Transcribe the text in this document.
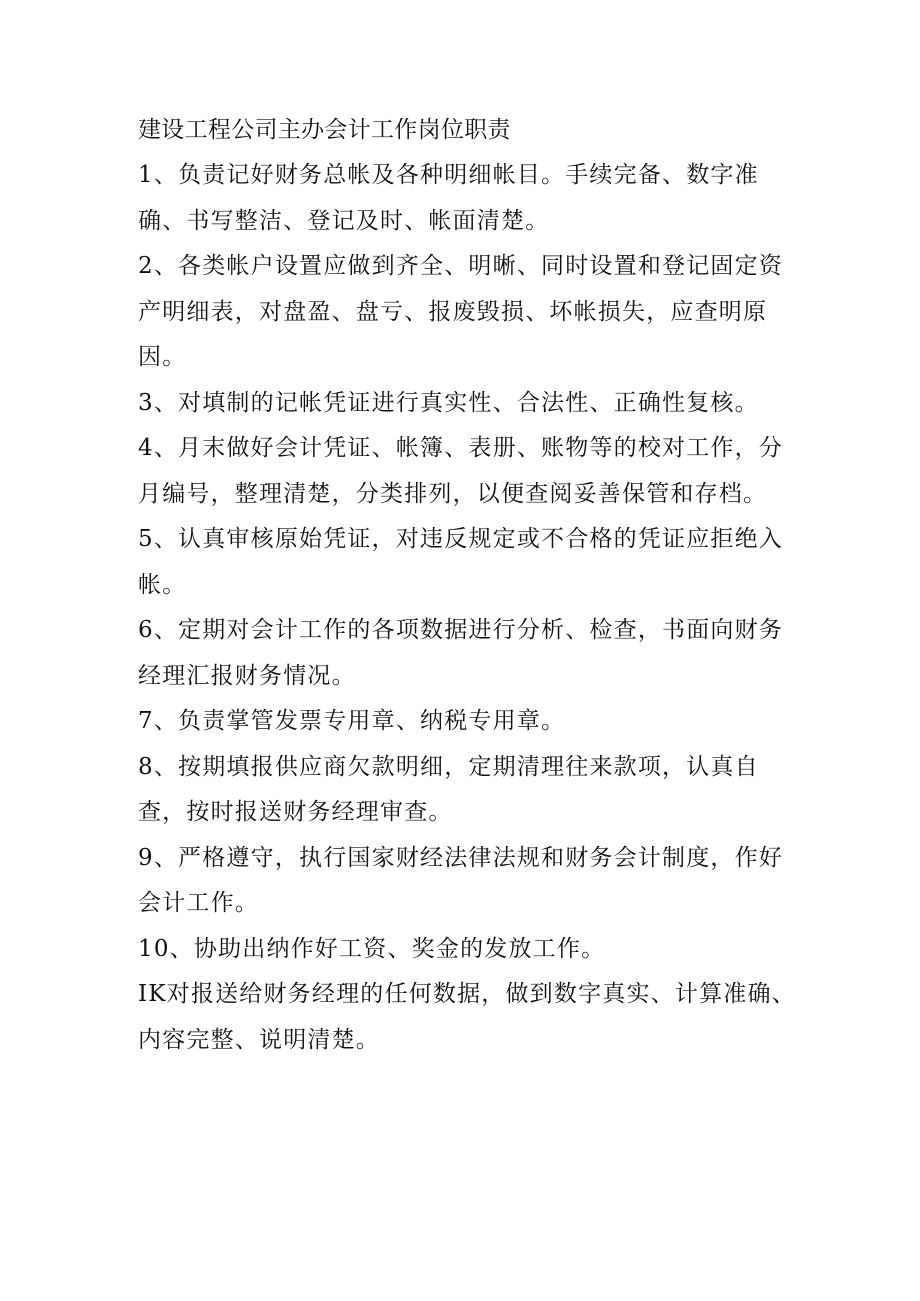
建设工程公司主办会计工作岗位职责

1、负责记好财务总帐及各种明细帐目。手续完备、数字准确、书写整洁、登记及时、帐面清楚。

2、各类帐户设置应做到齐全、明晰、同时设置和登记固定资产明细表，对盘盈、盘亏、报废毁损、坏帐损失，应查明原因。

3、对填制的记帐凭证进行真实性、合法性、正确性复核。

4、月末做好会计凭证、帐簿、表册、账物等的校对工作，分月编号，整理清楚，分类排列，以便查阅妥善保管和存档。

5、认真审核原始凭证，对违反规定或不合格的凭证应拒绝入帐。

6、定期对会计工作的各项数据进行分析、检查，书面向财务经理汇报财务情况。

7、负责掌管发票专用章、纳税专用章。

8、按期填报供应商欠款明细，定期清理往来款项，认真自查，按时报送财务经理审查。

9、严格遵守，执行国家财经法律法规和财务会计制度，作好会计工作。

10、协助出纳作好工资、奖金的发放工作。

IK对报送给财务经理的任何数据，做到数字真实、计算准确、内容完整、说明清楚。
